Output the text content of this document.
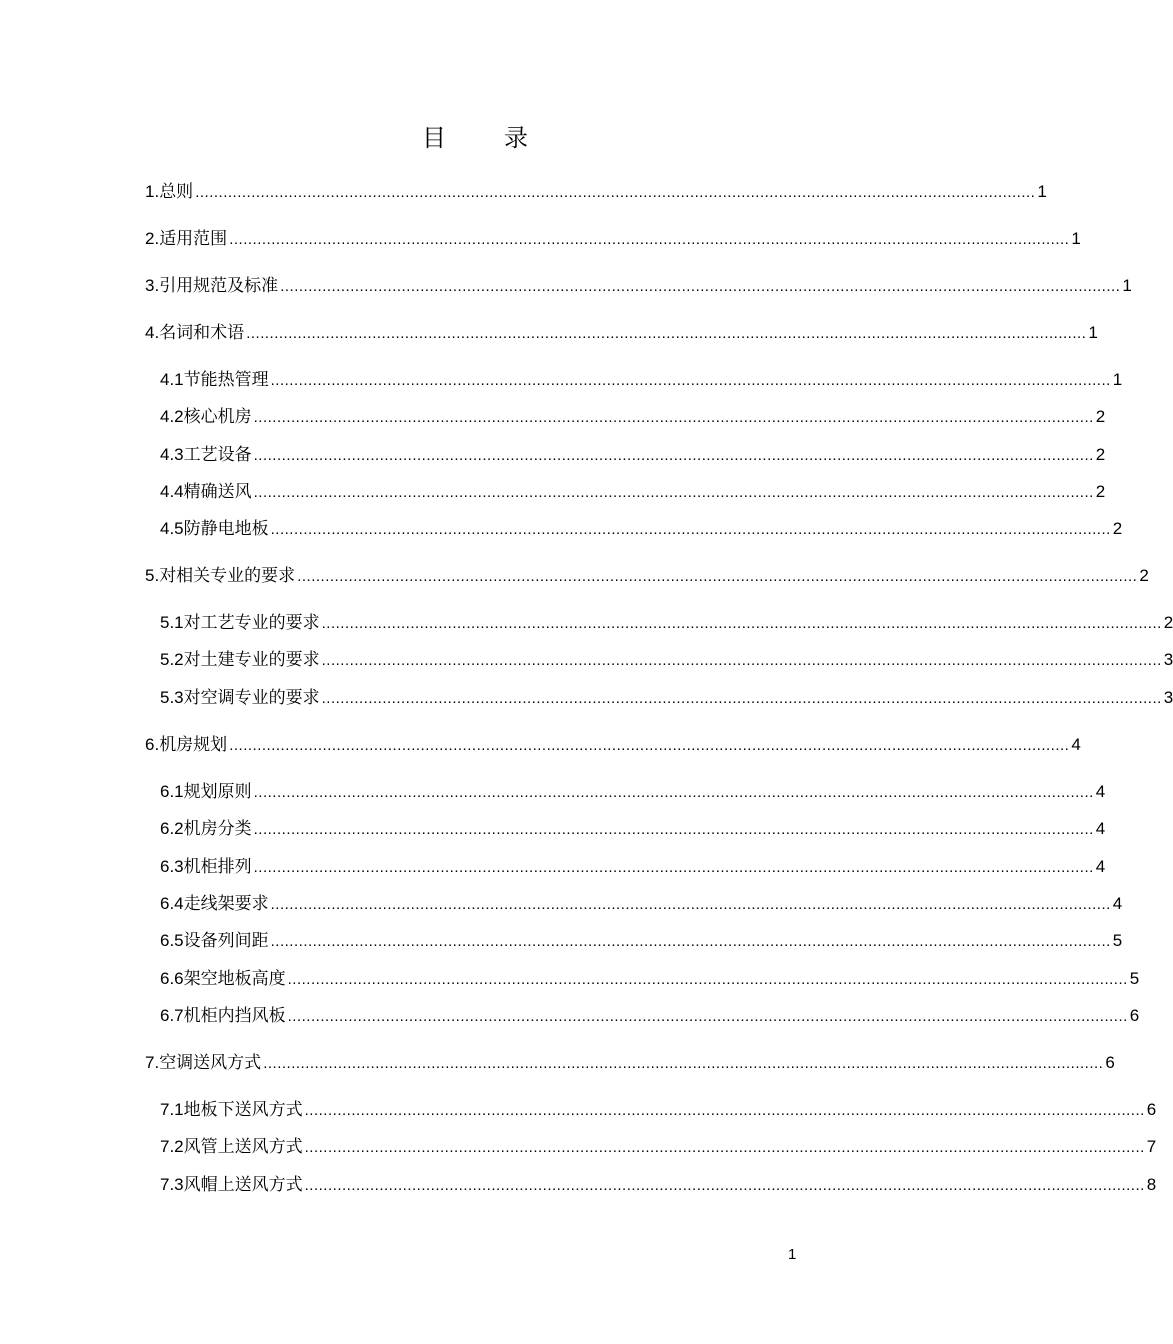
目 录
1. 总则 .................................................................................................................................................................................... 1
2. 适用范围 .................................................................................................................................................................................... 1
3. 引用规范及标准 .................................................................................................................................................................................... 1
4. 名词和术语 .................................................................................................................................................................................... 1
4.1 节能热管理 .................................................................................................................................................................................... 1
4.2 核心机房 .................................................................................................................................................................................... 2
4.3 工艺设备 .................................................................................................................................................................................... 2
4.4 精确送风 .................................................................................................................................................................................... 2
4.5 防静电地板 .................................................................................................................................................................................... 2
5. 对相关专业的要求 .................................................................................................................................................................................... 2
5.1 对工艺专业的要求 .................................................................................................................................................................................... 2
5.2 对土建专业的要求 .................................................................................................................................................................................... 3
5.3 对空调专业的要求 .................................................................................................................................................................................... 3
6. 机房规划 .................................................................................................................................................................................... 4
6.1 规划原则 .................................................................................................................................................................................... 4
6.2 机房分类 .................................................................................................................................................................................... 4
6.3 机柜排列 .................................................................................................................................................................................... 4
6.4 走线架要求 .................................................................................................................................................................................... 4
6.5 设备列间距 .................................................................................................................................................................................... 5
6.6 架空地板高度 .................................................................................................................................................................................... 5
6.7 机柜内挡风板 .................................................................................................................................................................................... 6
7. 空调送风方式 .................................................................................................................................................................................... 6
7.1 地板下送风方式 .................................................................................................................................................................................... 6
7.2 风管上送风方式 .................................................................................................................................................................................... 7
7.3 风帽上送风方式 .................................................................................................................................................................................... 8
1
